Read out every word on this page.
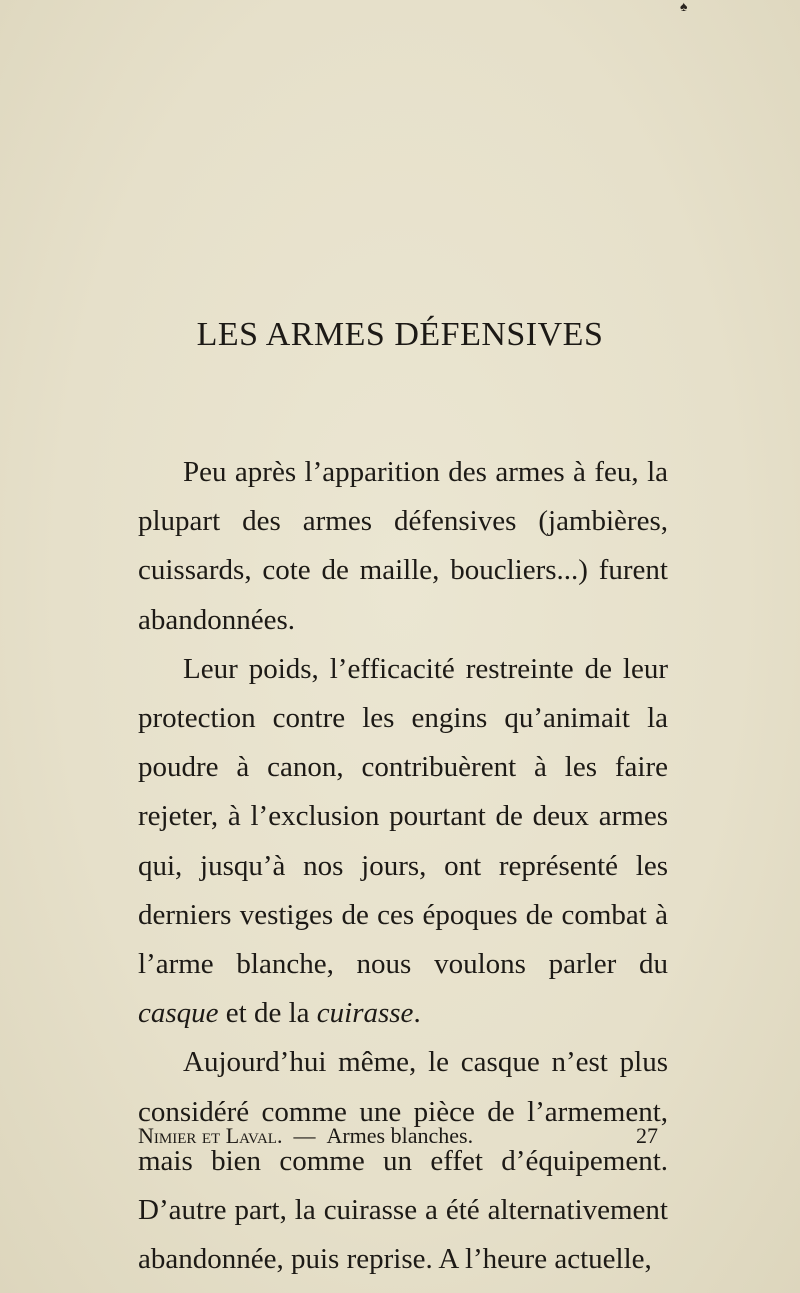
♠
LES ARMES DÉFENSIVES

Peu après l’apparition des armes à feu, la plupart des armes défensives (jambières, cuissards, cote de maille, boucliers...) furent abandonnées.

Leur poids, l’efficacité restreinte de leur protection contre les engins qu’animait la poudre à canon, contribuèrent à les faire rejeter, à l’exclusion pourtant de deux armes qui, jusqu’à nos jours, ont représenté les derniers vestiges de ces époques de combat à l’arme blanche, nous voulons parler du casque et de la cuirasse.

Aujourd’hui même, le casque n’est plus considéré comme une pièce de l’armement, mais bien comme un effet d’équipement. D’autre part, la cuirasse a été alternativement abandonnée, puis reprise. A l’heure actuelle,

Nimier et Laval. — Armes blanches.	27
